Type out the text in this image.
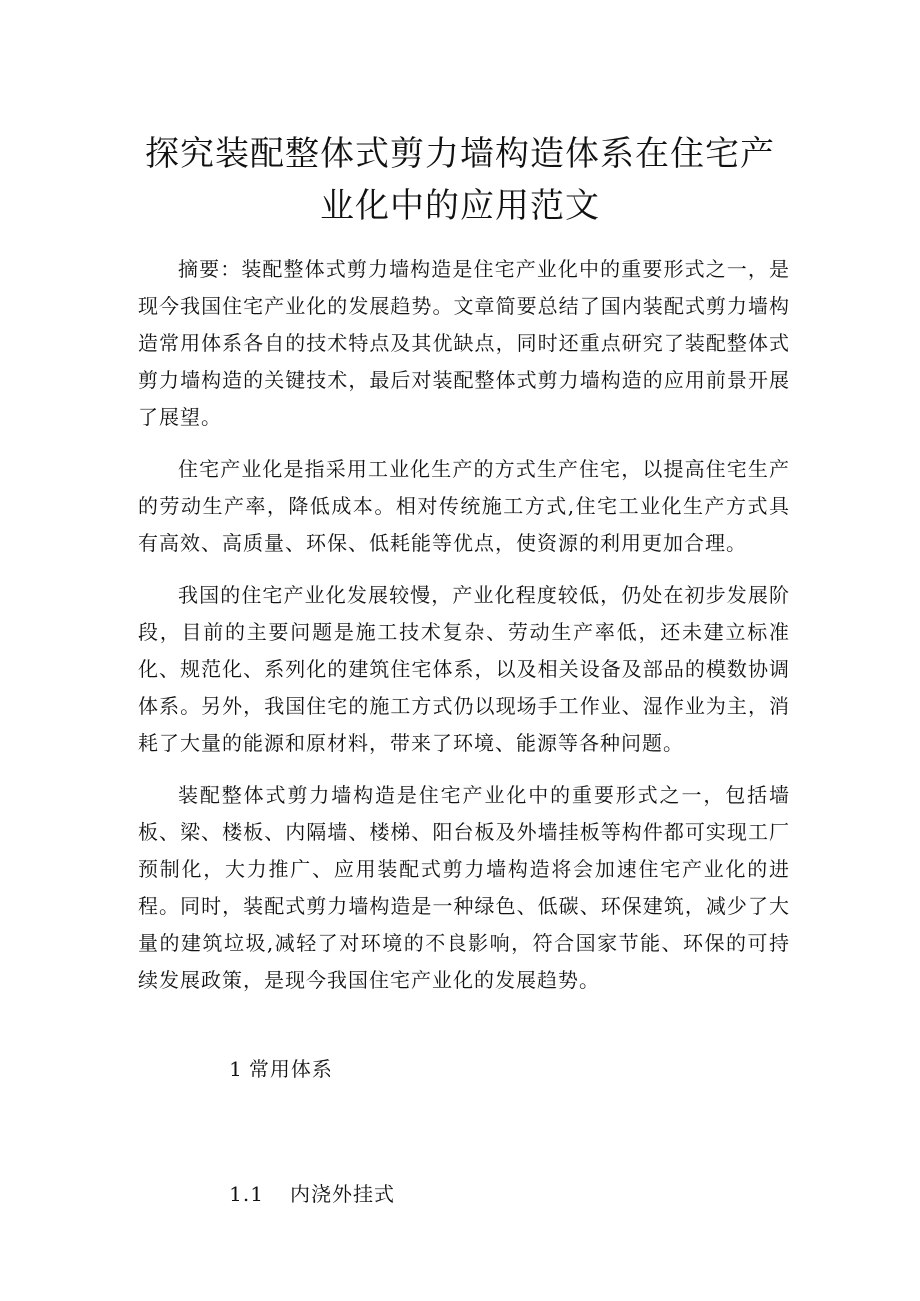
探究装配整体式剪力墙构造体系在住宅产
业化中的应用范文

摘要：装配整体式剪力墙构造是住宅产业化中的重要形式之一，是现今我国住宅产业化的发展趋势。文章简要总结了国内装配式剪力墙构造常用体系各自的技术特点及其优缺点，同时还重点研究了装配整体式剪力墙构造的关键技术，最后对装配整体式剪力墙构造的应用前景开展了展望。

住宅产业化是指采用工业化生产的方式生产住宅，以提高住宅生产的劳动生产率，降低成本。相对传统施工方式,住宅工业化生产方式具有高效、高质量、环保、低耗能等优点，使资源的利用更加合理。

我国的住宅产业化发展较慢，产业化程度较低，仍处在初步发展阶段，目前的主要问题是施工技术复杂、劳动生产率低，还未建立标准化、规范化、系列化的建筑住宅体系，以及相关设备及部品的模数协调体系。另外，我国住宅的施工方式仍以现场手工作业、湿作业为主，消耗了大量的能源和原材料，带来了环境、能源等各种问题。

装配整体式剪力墙构造是住宅产业化中的重要形式之一，包括墙板、梁、楼板、内隔墙、楼梯、阳台板及外墙挂板等构件都可实现工厂预制化，大力推广、应用装配式剪力墙构造将会加速住宅产业化的进程。同时，装配式剪力墙构造是一种绿色、低碳、环保建筑，减少了大量的建筑垃圾,减轻了对环境的不良影响，符合国家节能、环保的可持续发展政策，是现今我国住宅产业化的发展趋势。

1 常用体系

1.1 内浇外挂式
